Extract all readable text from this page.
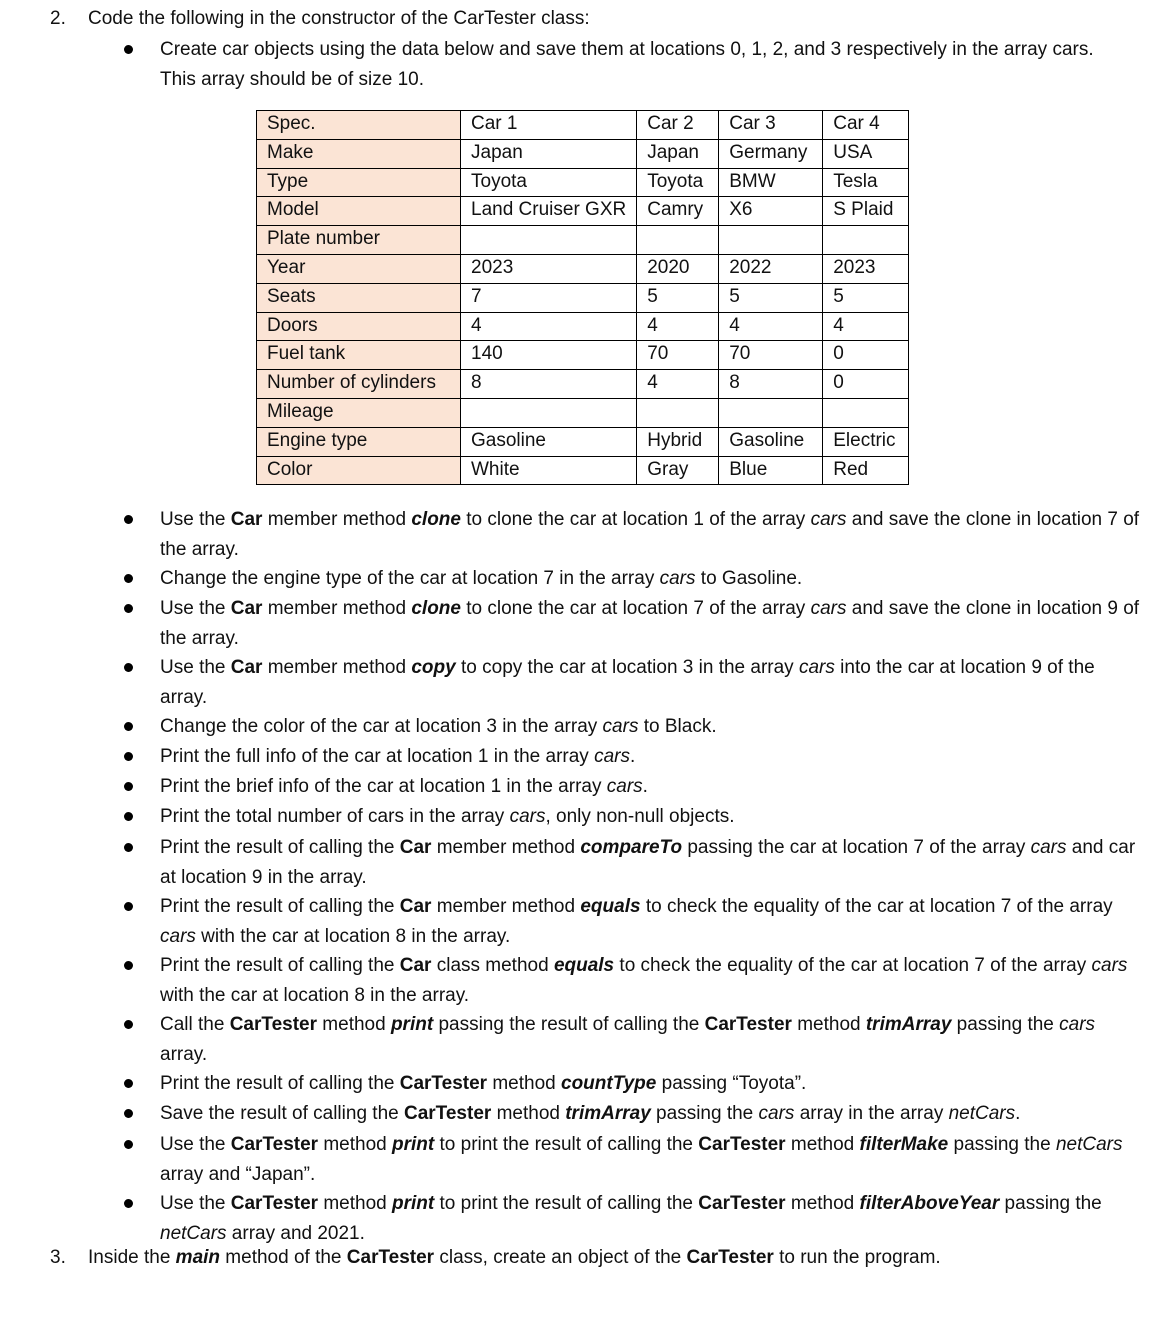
2. Code the following in the constructor of the CarTester class:
Create car objects using the data below and save them at locations 0, 1, 2, and 3 respectively in the array cars. This array should be of size 10.
Spec.	Car 1	Car 2	Car 3	Car 4
Make	Japan	Japan	Germany	USA
Type	Toyota	Toyota	BMW	Tesla
Model	Land Cruiser GXR	Camry	X6	S Plaid
Plate number				
Year	2023	2020	2022	2023
Seats	7	5	5	5
Doors	4	4	4	4
Fuel tank	140	70	70	0
Number of cylinders	8	4	8	0
Mileage				
Engine type	Gasoline	Hybrid	Gasoline	Electric
Color	White	Gray	Blue	Red
Use the Car member method clone to clone the car at location 1 of the array cars and save the clone in location 7 of the array.
Change the engine type of the car at location 7 in the array cars to Gasoline.
Use the Car member method clone to clone the car at location 7 of the array cars and save the clone in location 9 of the array.
Use the Car member method copy to copy the car at location 3 in the array cars into the car at location 9 of the array.
Change the color of the car at location 3 in the array cars to Black.
Print the full info of the car at location 1 in the array cars.
Print the brief info of the car at location 1 in the array cars.
Print the total number of cars in the array cars, only non-null objects.
Print the result of calling the Car member method compareTo passing the car at location 7 of the array cars and car at location 9 in the array.
Print the result of calling the Car member method equals to check the equality of the car at location 7 of the array cars with the car at location 8 in the array.
Print the result of calling the Car class method equals to check the equality of the car at location 7 of the array cars with the car at location 8 in the array.
Call the CarTester method print passing the result of calling the CarTester method trimArray passing the cars array.
Print the result of calling the CarTester method countType passing “Toyota”.
Save the result of calling the CarTester method trimArray passing the cars array in the array netCars.
Use the CarTester method print to print the result of calling the CarTester method filterMake passing the netCars array and “Japan”.
Use the CarTester method print to print the result of calling the CarTester method filterAboveYear passing the netCars array and 2021.
3. Inside the main method of the CarTester class, create an object of the CarTester to run the program.
